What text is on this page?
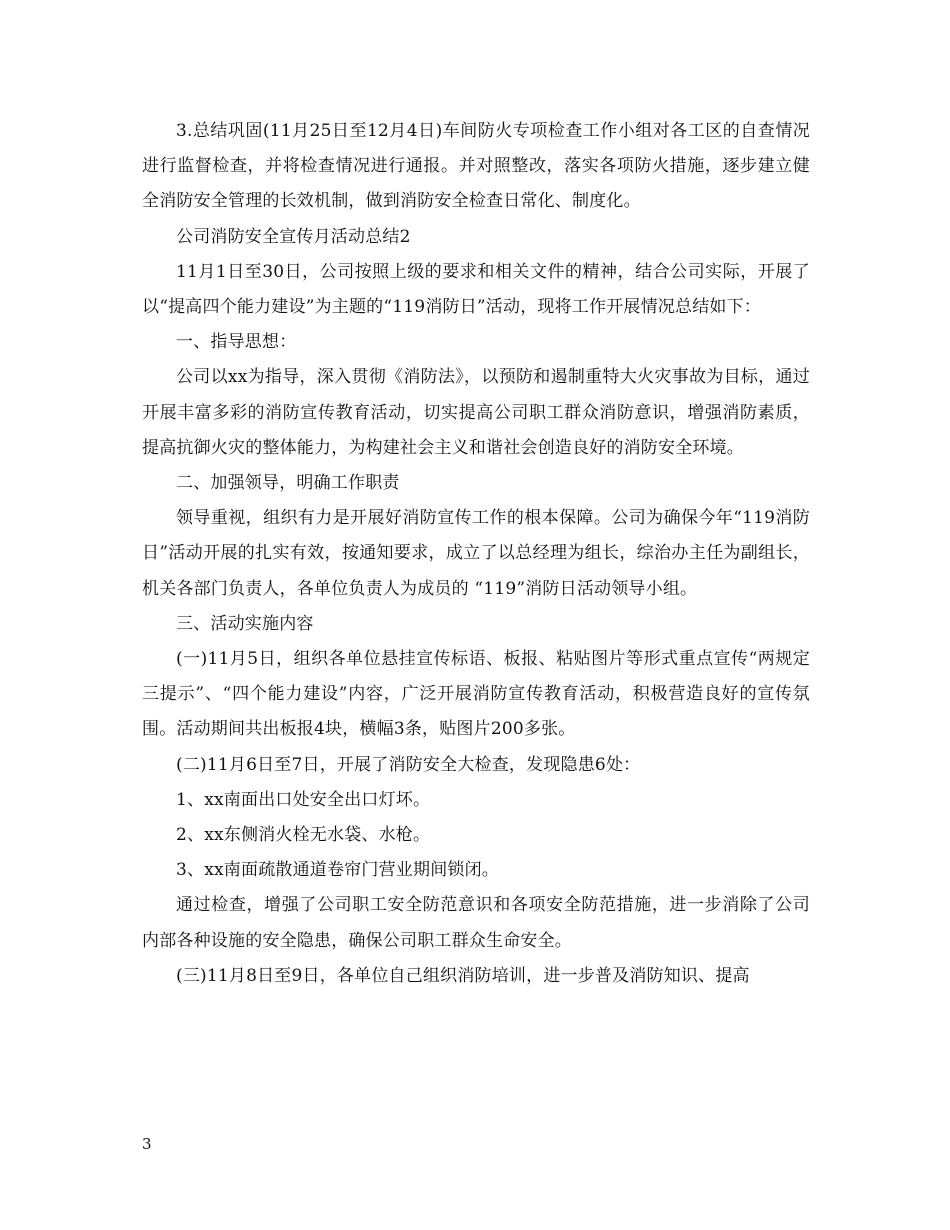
3.总结巩固(11月25日至12月4日)车间防火专项检查工作小组对各工区的自查情况进行监督检查，并将检查情况进行通报。并对照整改，落实各项防火措施，逐步建立健全消防安全管理的长效机制，做到消防安全检查日常化、制度化。

公司消防安全宣传月活动总结2

11月1日至30日，公司按照上级的要求和相关文件的精神，结合公司实际，开展了以“提高四个能力建设”为主题的“119消防日”活动，现将工作开展情况总结如下：

一、指导思想：

公司以xx为指导，深入贯彻《消防法》，以预防和遏制重特大火灾事故为目标，通过开展丰富多彩的消防宣传教育活动，切实提高公司职工群众消防意识，增强消防素质，提高抗御火灾的整体能力，为构建社会主义和谐社会创造良好的消防安全环境。

二、加强领导，明确工作职责

领导重视，组织有力是开展好消防宣传工作的根本保障。公司为确保今年“119消防日”活动开展的扎实有效，按通知要求，成立了以总经理为组长，综治办主任为副组长，机关各部门负责人，各单位负责人为成员的 “119”消防日活动领导小组。

三、活动实施内容

(一)11月5日，组织各单位悬挂宣传标语、板报、粘贴图片等形式重点宣传“两规定三提示”、“四个能力建设”内容，广泛开展消防宣传教育活动，积极营造良好的宣传氛围。活动期间共出板报4块，横幅3条，贴图片200多张。

(二)11月6日至7日，开展了消防安全大检查，发现隐患6处：

1、xx南面出口处安全出口灯坏。

2、xx东侧消火栓无水袋、水枪。

3、xx南面疏散通道卷帘门营业期间锁闭。

通过检查，增强了公司职工安全防范意识和各项安全防范措施，进一步消除了公司内部各种设施的安全隐患，确保公司职工群众生命安全。

(三)11月8日至9日，各单位自己组织消防培训，进一步普及消防知识、提高

3
